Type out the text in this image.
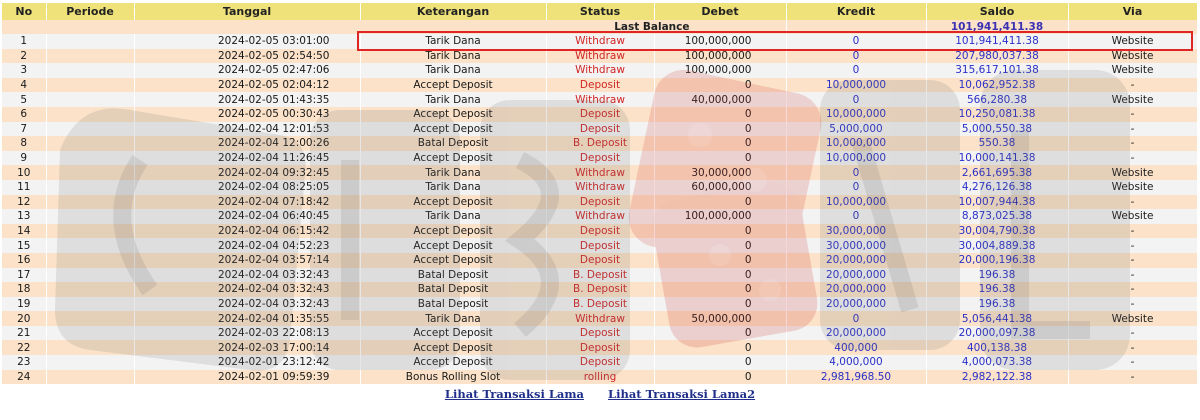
No	Periode	Tanggal	Keterangan	Status	Debet	Kredit	Saldo	Via
Last Balance							101,941,411.38	
1		2024-02-05 03:01:00	Tarik Dana	Withdraw	100,000,000	0	101,941,411.38	Website
2		2024-02-05 02:54:50	Tarik Dana	Withdraw	100,000,000	0	207,980,037.38	Website
3		2024-02-05 02:47:06	Tarik Dana	Withdraw	100,000,000	0	315,617,101.38	Website
4		2024-02-05 02:04:12	Accept Deposit	Deposit	0	10,000,000	10,062,952.38	-
5		2024-02-05 01:43:35	Tarik Dana	Withdraw	40,000,000	0	566,280.38	Website
6		2024-02-05 00:30:43	Accept Deposit	Deposit	0	10,000,000	10,250,081.38	-
7		2024-02-04 12:01:53	Accept Deposit	Deposit	0	5,000,000	5,000,550.38	-
8		2024-02-04 12:00:26	Batal Deposit	B. Deposit	0	10,000,000	550.38	-
9		2024-02-04 11:26:45	Accept Deposit	Deposit	0	10,000,000	10,000,141.38	-
10		2024-02-04 09:32:45	Tarik Dana	Withdraw	30,000,000	0	2,661,695.38	Website
11		2024-02-04 08:25:05	Tarik Dana	Withdraw	60,000,000	0	4,276,126.38	Website
12		2024-02-04 07:18:42	Accept Deposit	Deposit	0	10,000,000	10,007,944.38	-
13		2024-02-04 06:40:45	Tarik Dana	Withdraw	100,000,000	0	8,873,025.38	Website
14		2024-02-04 06:15:42	Accept Deposit	Deposit	0	30,000,000	30,004,790.38	-
15		2024-02-04 04:52:23	Accept Deposit	Deposit	0	30,000,000	30,004,889.38	-
16		2024-02-04 03:57:14	Accept Deposit	Deposit	0	20,000,000	20,000,196.38	-
17		2024-02-04 03:32:43	Batal Deposit	B. Deposit	0	20,000,000	196.38	-
18		2024-02-04 03:32:43	Batal Deposit	B. Deposit	0	20,000,000	196.38	-
19		2024-02-04 03:32:43	Batal Deposit	B. Deposit	0	20,000,000	196.38	-
20		2024-02-04 01:35:55	Tarik Dana	Withdraw	50,000,000	0	5,056,441.38	Website
21		2024-02-03 22:08:13	Accept Deposit	Deposit	0	20,000,000	20,000,097.38	-
22		2024-02-03 17:00:14	Accept Deposit	Deposit	0	400,000	400,138.38	-
23		2024-02-01 23:12:42	Accept Deposit	Deposit	0	4,000,000	4,000,073.38	-
24		2024-02-01 09:59:39	Bonus Rolling Slot	rolling	0	2,981,968.50	2,982,122.38	-
Lihat Transaksi Lama Lihat Transaksi Lama2
